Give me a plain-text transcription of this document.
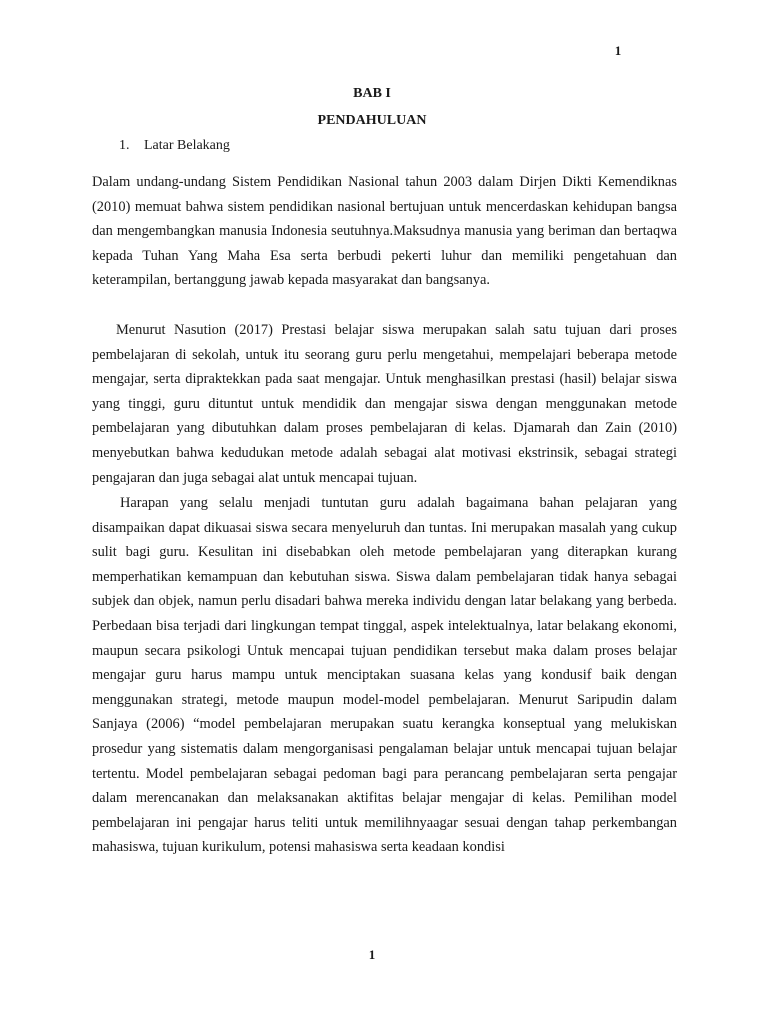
1
BAB I
PENDAHULUAN
1. Latar Belakang

Dalam undang-undang Sistem Pendidikan Nasional tahun 2003 dalam Dirjen Dikti Kemendiknas (2010) memuat bahwa sistem pendidikan nasional bertujuan untuk mencerdaskan kehidupan bangsa dan mengembangkan manusia Indonesia seutuhnya.Maksudnya manusia yang beriman dan bertaqwa kepada Tuhan Yang Maha Esa serta berbudi pekerti luhur dan memiliki pengetahuan dan keterampilan, bertanggung jawab kepada masyarakat dan bangsanya.

Menurut Nasution (2017) Prestasi belajar siswa merupakan salah satu tujuan dari proses pembelajaran di sekolah, untuk itu seorang guru perlu mengetahui, mempelajari beberapa metode mengajar, serta dipraktekkan pada saat mengajar. Untuk menghasilkan prestasi (hasil) belajar siswa yang tinggi, guru dituntut untuk mendidik dan mengajar siswa dengan menggunakan metode pembelajaran yang dibutuhkan dalam proses pembelajaran di kelas. Djamarah dan Zain (2010) menyebutkan bahwa kedudukan metode adalah sebagai alat motivasi ekstrinsik, sebagai strategi pengajaran dan juga sebagai alat untuk mencapai tujuan.

Harapan yang selalu menjadi tuntutan guru adalah bagaimana bahan pelajaran yang disampaikan dapat dikuasai siswa secara menyeluruh dan tuntas. Ini merupakan masalah yang cukup sulit bagi guru. Kesulitan ini disebabkan oleh metode pembelajaran yang diterapkan kurang memperhatikan kemampuan dan kebutuhan siswa. Siswa dalam pembelajaran tidak hanya sebagai subjek dan objek, namun perlu disadari bahwa mereka individu dengan latar belakang yang berbeda. Perbedaan bisa terjadi dari lingkungan tempat tinggal, aspek intelektualnya, latar belakang ekonomi, maupun secara psikologi Untuk mencapai tujuan pendidikan tersebut maka dalam proses belajar mengajar guru harus mampu untuk menciptakan suasana kelas yang kondusif baik dengan menggunakan strategi, metode maupun model-model pembelajaran. Menurut Saripudin dalam Sanjaya (2006) “model pembelajaran merupakan suatu kerangka konseptual yang melukiskan prosedur yang sistematis dalam mengorganisasi pengalaman belajar untuk mencapai tujuan belajar tertentu. Model pembelajaran sebagai pedoman bagi para perancang pembelajaran serta pengajar dalam merencanakan dan melaksanakan aktifitas belajar mengajar di kelas. Pemilihan model pembelajaran ini pengajar harus teliti untuk memilihnyaagar sesuai dengan tahap perkembangan mahasiswa, tujuan kurikulum, potensi mahasiswa serta keadaan kondisi

1
